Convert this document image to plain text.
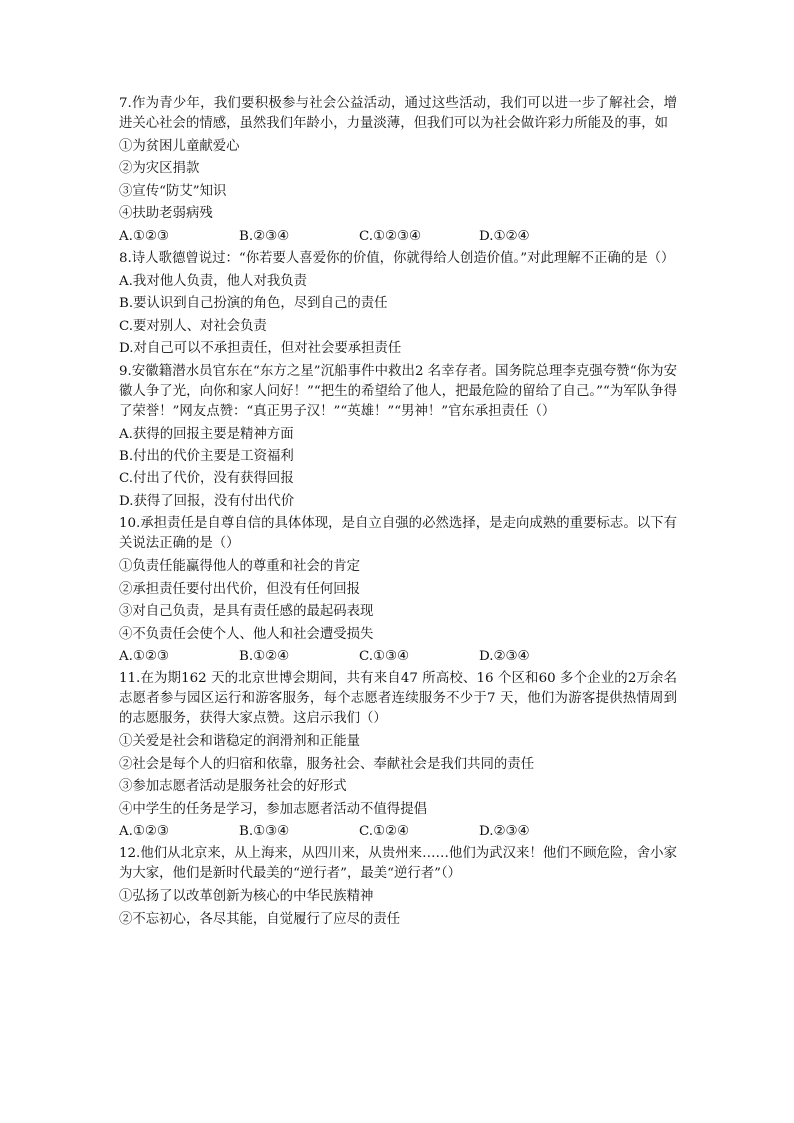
7.作为青少年，我们要积极参与社会公益活动，通过这些活动，我们可以进一步了解社会，增进关心社会的情感，虽然我们年龄小，力量淡薄，但我们可以为社会做许彩力所能及的事，如

①为贫困儿童献爱心

②为灾区捐款

③宣传“防艾”知识

④扶助老弱病残

A.①②③	B.②③④	C.①②③④	D.①②④

8.诗人歌德曾说过：“你若要人喜爱你的价值，你就得给人创造价值。”对此理解不正确的是（）

A.我对他人负责，他人对我负责

B.要认识到自己扮演的角色，尽到自己的责任

C.要对别人、对社会负责

D.对自己可以不承担责任，但对社会要承担责任

9.安徽籍潜水员官东在“东方之星”沉船事件中救出2 名幸存者。国务院总理李克强夸赞“你为安徽人争了光，向你和家人问好！”“把生的希望给了他人，把最危险的留给了自己。”“为军队争得了荣誉！”网友点赞：“真正男子汉！”“英雄！”“男神！”官东承担责任（）

A.获得的回报主要是精神方面

B.付出的代价主要是工资福利

C.付出了代价，没有获得回报

D.获得了回报，没有付出代价

10.承担责任是自尊自信的具体体现，是自立自强的必然选择，是走向成熟的重要标志。以下有关说法正确的是（）

①负责任能赢得他人的尊重和社会的肯定

②承担责任要付出代价，但没有任何回报

③对自己负责，是具有责任感的最起码表现

④不负责任会使个人、他人和社会遭受损失

A.①②③	B.①②④	C.①③④	D.②③④

11.在为期162 天的北京世博会期间，共有来自47 所高校、16 个区和60 多个企业的2万余名志愿者参与园区运行和游客服务，每个志愿者连续服务不少于7 天，他们为游客提供热情周到的志愿服务，获得大家点赞。这启示我们（）

①关爱是社会和谐稳定的润滑剂和正能量

②社会是每个人的归宿和依靠，服务社会、奉献社会是我们共同的责任

③参加志愿者活动是服务社会的好形式

④中学生的任务是学习，参加志愿者活动不值得提倡

A.①②③	B.①③④	C.①②④	D.②③④

12.他们从北京来，从上海来，从四川来，从贵州来……他们为武汉来！他们不顾危险，舍小家为大家，他们是新时代最美的“逆行者”，最美“逆行者”（）

①弘扬了以改革创新为核心的中华民族精神

②不忘初心，各尽其能，自觉履行了应尽的责任
